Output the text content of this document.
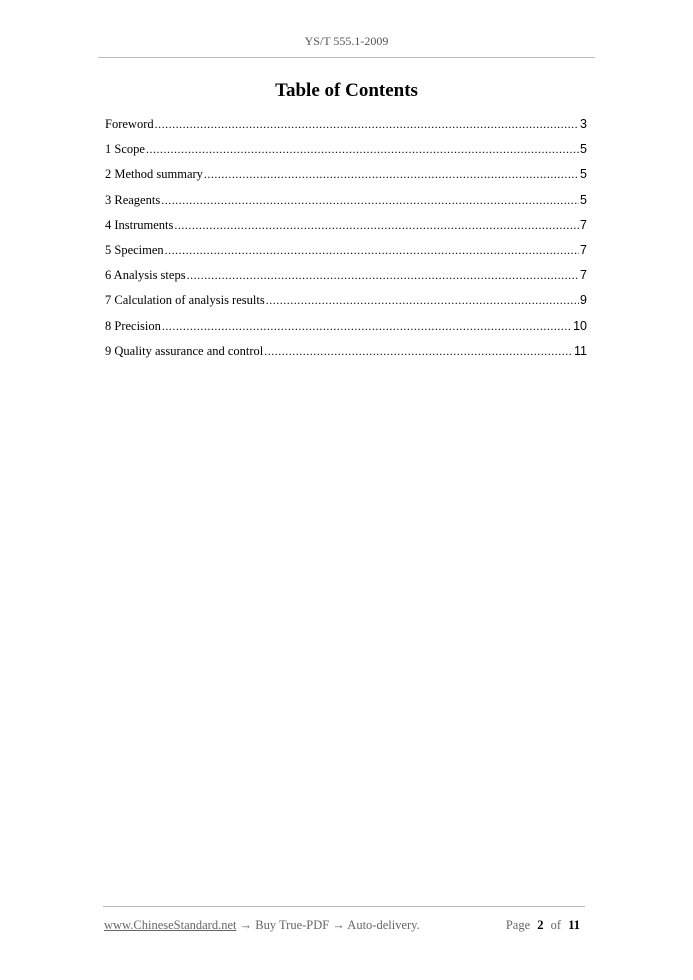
YS/T 555.1-2009
Table of Contents
Foreword .....	3
1 Scope .....	5
2 Method summary .....	5
3 Reagents .....	5
4 Instruments .....	7
5 Specimen .....	7
6 Analysis steps .....	7
7 Calculation of analysis results .....	9
8 Precision .....	10
9 Quality assurance and control .....	11
www.ChineseStandard.net → Buy True-PDF → Auto-delivery.	Page 2 of 11
